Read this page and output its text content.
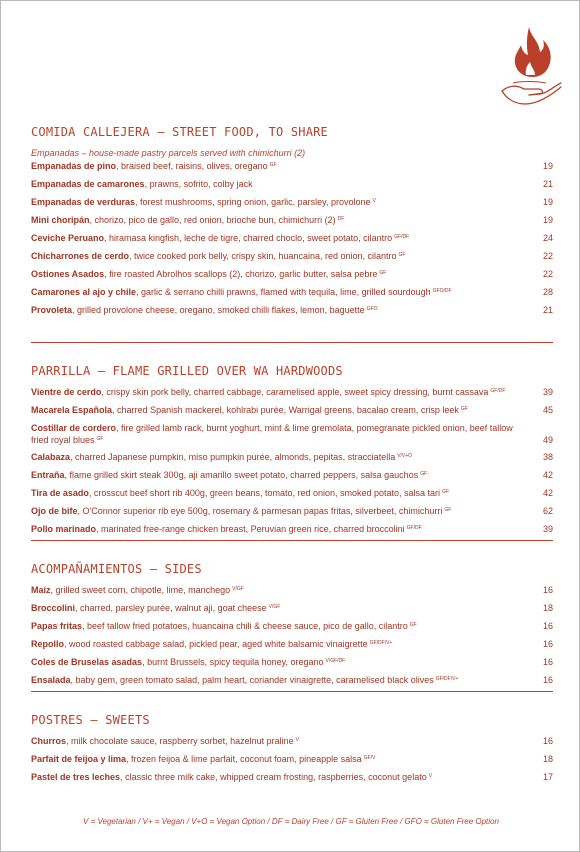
COMIDA CALLEJERA – STREET FOOD, TO SHARE
Empanadas – house-made pastry parcels served with chimichurri (2)
Empanadas de pino, braised beef, raisins, olives, oregano $^{GF}$	19
Empanadas de camarones, prawns, sofrito, colby jack	21
Empanadas de verduras, forest mushrooms, spring onion, garlic, parsley, provolone $^V$	19
Mini choripán, chorizo, pico de gallo, red onion, brioche bun, chimichurri (2) $^{DF}$	19
Ceviche Peruano, hiramasa kingfish, leche de tigre, charred choclo, sweet potato, cilantro $^{GF/DF}$	24
Chicharrones de cerdo, twice cooked pork belly, crispy skin, huancaina, red onion, cilantro $^{GF}$	22
Ostiones Asados, fire roasted Abrolhos scallops (2), chorizo, garlic butter, salsa pebre $^{GF}$	22
Camarones al ajo y chile, garlic & serrano chilli prawns, flamed with tequila, lime, grilled sourdough $^{GFO/DF}$	28
Provoleta, grilled provolone cheese, oregano, smoked chilli flakes, lemon, baguette $^{GFO}$	21
PARRILLA – FLAME GRILLED OVER WA HARDWOODS
Vientre de cerdo, crispy skin pork belly, charred cabbage, caramelised apple, sweet spicy dressing, burnt cassava $^{GF/DF}$	39
Macarela Española, charred Spanish mackerel, kohlrabi purée, Warrigal greens, bacalao cream, crisp leek $^{GF}$	45
Costillar de cordero, fire grilled lamb rack, burnt yoghurt, mint & lime gremolata, pomegranate pickled onion, beef tallow fried royal blues $^{GF}$	49
Calabaza, charred Japanese pumpkin, miso pumpkin purée, almonds, pepitas, stracciatella $^{V/V+O}$	38
Entraña, flame grilled skirt steak 300g, aji amarillo sweet potato, charred peppers, salsa gauchos $^{GF}$	42
Tira de asado, crosscut beef short rib 400g, green beans, tomato, red onion, smoked potato, salsa tari $^{GF}$	42
Ojo de bife, O'Connor superior rib eye 500g, rosemary & parmesan papas fritas, silverbeet, chimichurri $^{GF}$	62
Pollo marinado, marinated free-range chicken breast, Peruvian green rice, charred broccolini $^{GF/DF}$	39
ACOMPAÑAMIENTOS – SIDES
Maíz, grilled sweet corn, chipotle, lime, manchego $^{V/GF}$	16
Broccolini, charred, parsley purée, walnut aji, goat cheese $^{V/GF}$	18
Papas fritas, beef tallow fried potatoes, huancaina chili & cheese sauce, pico de gallo, cilantro $^{GF}$	16
Repollo, wood roasted cabbage salad, pickled pear, aged white balsamic vinaigrette $^{GF/DF/V+}$	16
Coles de Bruselas asadas, burnt Brussels, spicy tequila honey, oregano $^{V/GF/DF}$	16
Ensalada, baby gem, green tomato salad, palm heart, coriander vinaigrette, caramelised black olives $^{GF/DF/V+}$	16
POSTRES – SWEETS
Churros, milk chocolate sauce, raspberry sorbet, hazelnut praline $^V$	16
Parfait de feijoa y lima, frozen feijoa & lime parfait, coconut foam, pineapple salsa $^{GF/V}$	18
Pastel de tres leches, classic three milk cake, whipped cream frosting, raspberries, coconut gelato $^V$	17
V = Vegetarian / V+ = Vegan / V+O = Vegan Option / DF = Dairy Free / GF = Gluten Free / GFO = Gluten Free Option
